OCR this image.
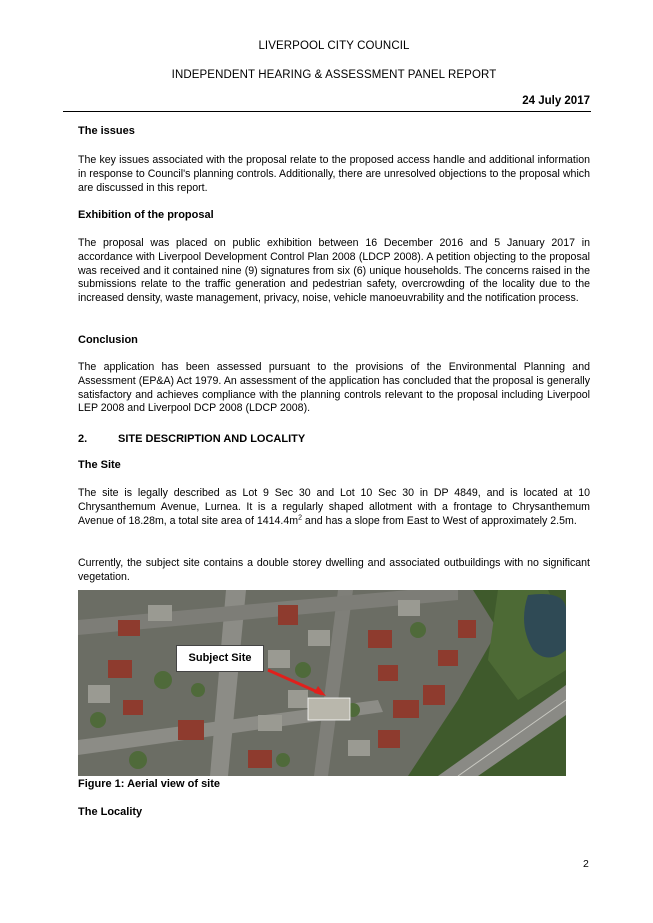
LIVERPOOL CITY COUNCIL
INDEPENDENT HEARING & ASSESSMENT PANEL REPORT
24 July 2017
The issues

The key issues associated with the proposal relate to the proposed access handle and additional information in response to Council's planning controls. Additionally, there are unresolved objections to the proposal which are discussed in this report.

Exhibition of the proposal

The proposal was placed on public exhibition between 16 December 2016 and 5 January 2017 in accordance with Liverpool Development Control Plan 2008 (LDCP 2008). A petition objecting to the proposal was received and it contained nine (9) signatures from six (6) unique households. The concerns raised in the submissions relate to the traffic generation and pedestrian safety, overcrowding of the locality due to the increased density, waste management, privacy, noise, vehicle manoeuvrability and the notification process.

Conclusion

The application has been assessed pursuant to the provisions of the Environmental Planning and Assessment (EP&A) Act 1979. An assessment of the application has concluded that the proposal is generally satisfactory and achieves compliance with the planning controls relevant to the proposal including Liverpool LEP 2008 and Liverpool DCP 2008 (LDCP 2008).

2.	SITE DESCRIPTION AND LOCALITY
The Site

The site is legally described as Lot 9 Sec 30 and Lot 10 Sec 30 in DP 4849, and is located at 10 Chrysanthemum Avenue, Lurnea. It is a regularly shaped allotment with a frontage to Chrysanthemum Avenue of 18.28m, a total site area of $1414.4m^2$ and has a slope from East to West of approximately 2.5m.

Currently, the subject site contains a double storey dwelling and associated outbuildings with no significant vegetation.

Subject Site
Figure 1: Aerial view of site
The Locality
2
